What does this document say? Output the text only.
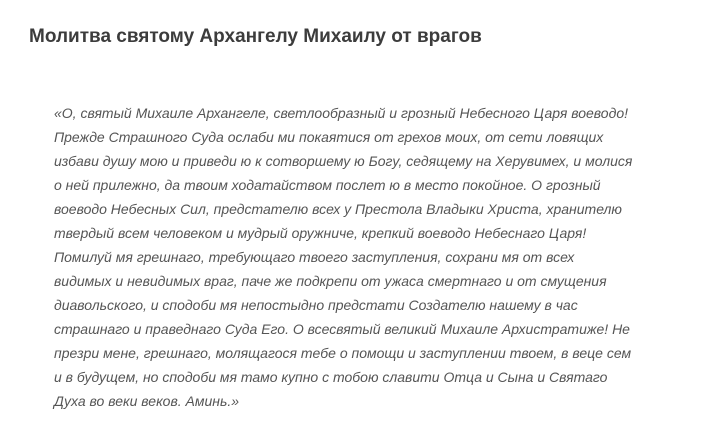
Молитва святому Архангелу Михаилу от врагов
«О, святый Михаиле Архангеле, светлообразный и грозный Небесного Царя воеводо!
Прежде Страшного Суда ослаби ми покаятися от грехов моих, от сети ловящих
избави душу мою и приведи ю к сотворшему ю Богу, седящему на Херувимех, и молися
о ней прилежно, да твоим ходатайством послет ю в место покойное. О грозный
воеводо Небесных Сил, предстателю всех у Престола Владыки Христа, хранителю
твердый всем человеком и мудрый оружниче, крепкий воеводо Небеснаго Царя!
Помилуй мя грешнаго, требующаго твоего заступления, сохрани мя от всех
видимых и невидимых враг, паче же подкрепи от ужаса смертнаго и от смущения
диавольского, и сподоби мя непостыдно предстати Создателю нашему в час
страшнаго и праведнаго Суда Его. О всесвятый великий Михаиле Архистратиже! Не
презри мене, грешнаго, молящагося тебе о помощи и заступлении твоем, в веце сем
и в будущем, но сподоби мя тамо купно с тобою славити Отца и Сына и Святаго
Духа во веки веков. Аминь.»
